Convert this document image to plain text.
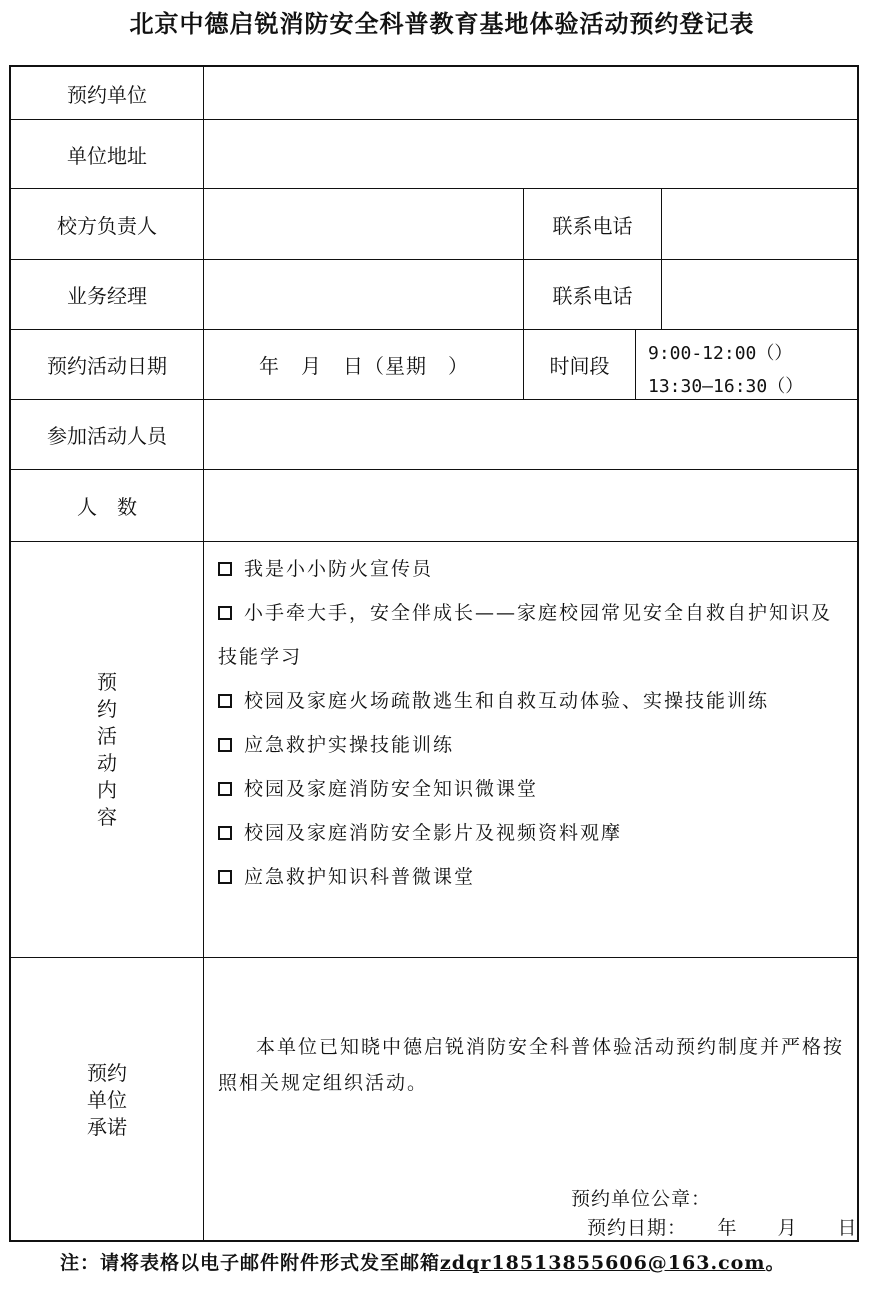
北京中德启锐消防安全科普教育基地体验活动预约登记表
预约单位
单位地址
校方负责人	联系电话
业务经理	联系电话
预约活动日期	年　月　日（星期　）	时间段
9:00-12:00（）
13:30—16:30（）
参加活动人员
人　数
预
约
活
动
内
容

我是小小防火宣传员

小手牵大手，安全伴成长——家庭校园常见安全自救自护知识及技能学习

校园及家庭火场疏散逃生和自救互动体验、实操技能训练

应急救护实操技能训练

校园及家庭消防安全知识微课堂

校园及家庭消防安全影片及视频资料观摩

应急救护知识科普微课堂

预约
单位
承诺
本单位已知晓中德启锐消防安全科普体验活动预约制度并严格按照相关规定组织活动。
预约单位公章：
预约日期：　　年　　月　　日
注：请将表格以电子邮件附件形式发至邮箱zdqr18513855606@163.com。
